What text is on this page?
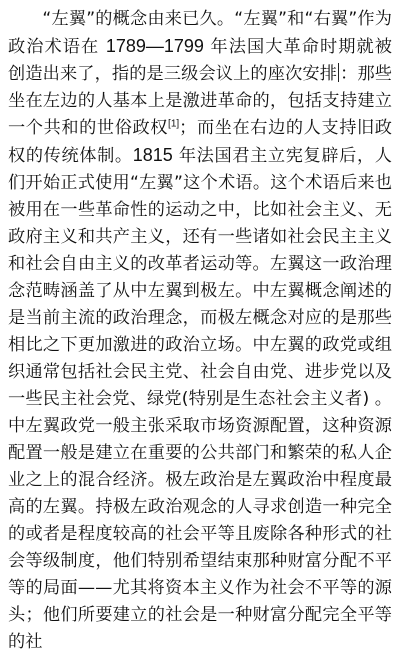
“左翼”的概念由来已久。“左翼”和“右翼”作为政治术语在 1789—1799 年法国大革命时期就被创造出来了，指的是三级会议上的座次安排 ：那些坐在左边的人基本上是激进革命的，包括支持建立一个共和的世俗政权[1]；而坐在右边的人支持旧政权的传统体制。1815 年法国君主立宪复辟后，人们开始正式使用“左翼”这个术语。这个术语后来也被用在一些革命性的运动之中，比如社会主义、无政府主义和共产主义，还有一些诸如社会民主主义和社会自由主义的改革者运动等。左翼这一政治理念范畴涵盖了从中左翼到极左。中左翼概念阐述的是当前主流的政治理念，而极左概念对应的是那些相比之下更加激进的政治立场。中左翼的政党或组织通常包括社会民主党、社会自由党、进步党以及一些民主社会党、绿党(特别是生态社会主义者) 。中左翼政党一般主张采取市场资源配置，这种资源配置一般是建立在重要的公共部门和繁荣的私人企业之上的混合经济。极左政治是左翼政治中程度最高的左翼。持极左政治观念的人寻求创造一种完全的或者是程度较高的社会平等且废除各种形式的社会等级制度，他们特别希望结束那种财富分配不平等的局面——尤其将资本主义作为社会不平等的源头；他们所要建立的社会是一种财富分配完全平等的社
